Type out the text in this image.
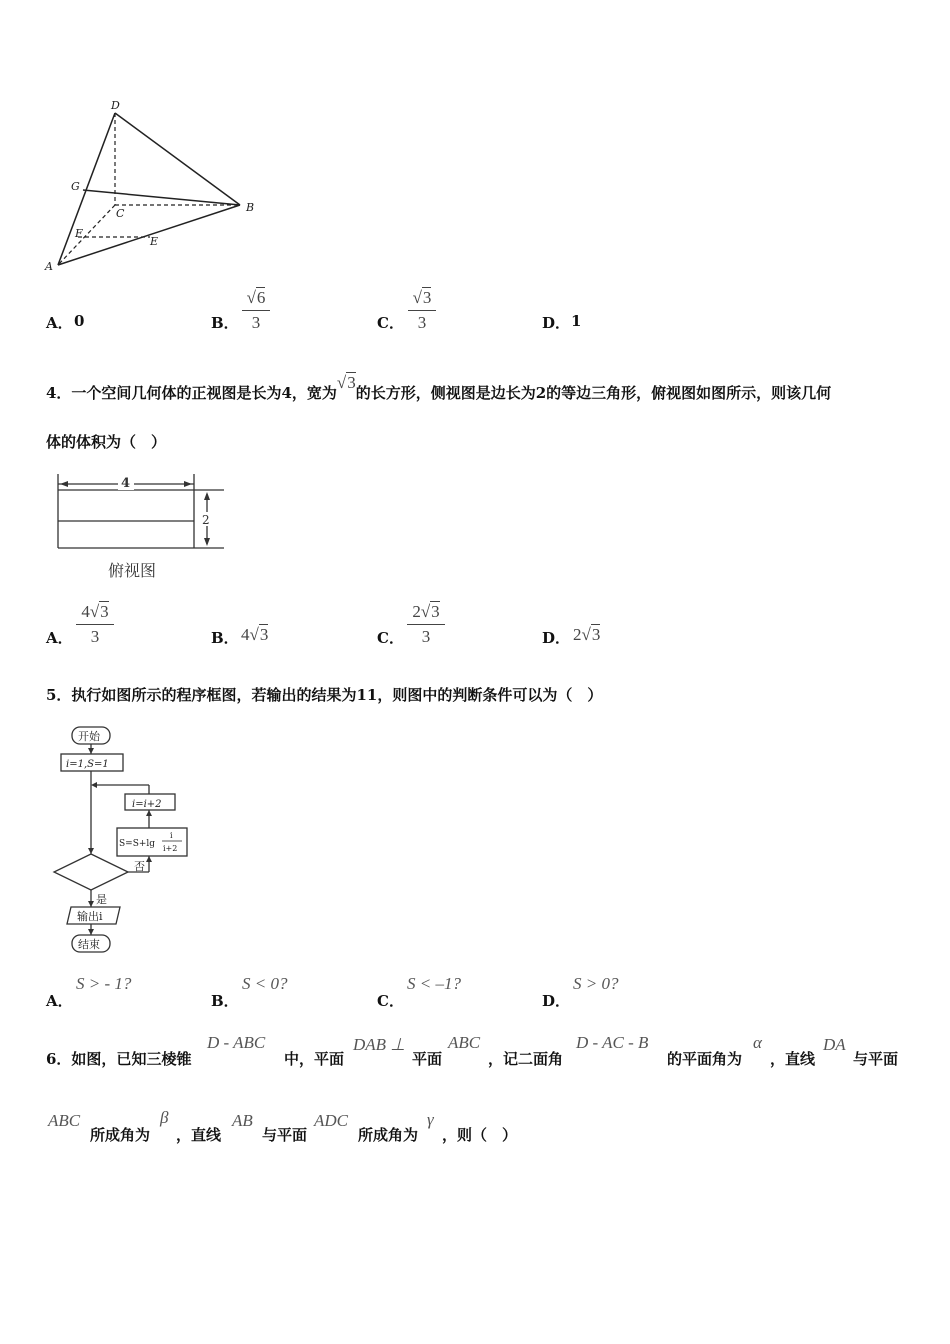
D
G
C	B
F
E
A
A． 0	B．
√6
3	C．
√3
3	D． 1
4．一个空间几何体的正视图是长为4，宽为√3的长方形，侧视图是边长为2的等边三角形，俯视图如图所示，则该几何
体的体积为（　）
4
2
俯视图
A．
4√3
3	B． 4√3	C．
2√3
3	D． 2√3
5．执行如图所示的程序框图，若输出的结果为11，则图中的判断条件可以为（　）
开始
i=1,S=1
i=i+2
S=S+lg
i
i+2
否
是
输出i
结束
A．
S > - 1?
B．
S < 0?
C．
S < –1?
D．
S > 0?
6．如图，已知三棱锥
D - ABC
中，平面
DAB ⊥
平面
ABC
，记二面角
D - AC - B
的平面角为
α
，直线
DA
与平面
ABC
所成角为
β
，直线
AB
与平面
ADC
所成角为
γ
，则（　）
